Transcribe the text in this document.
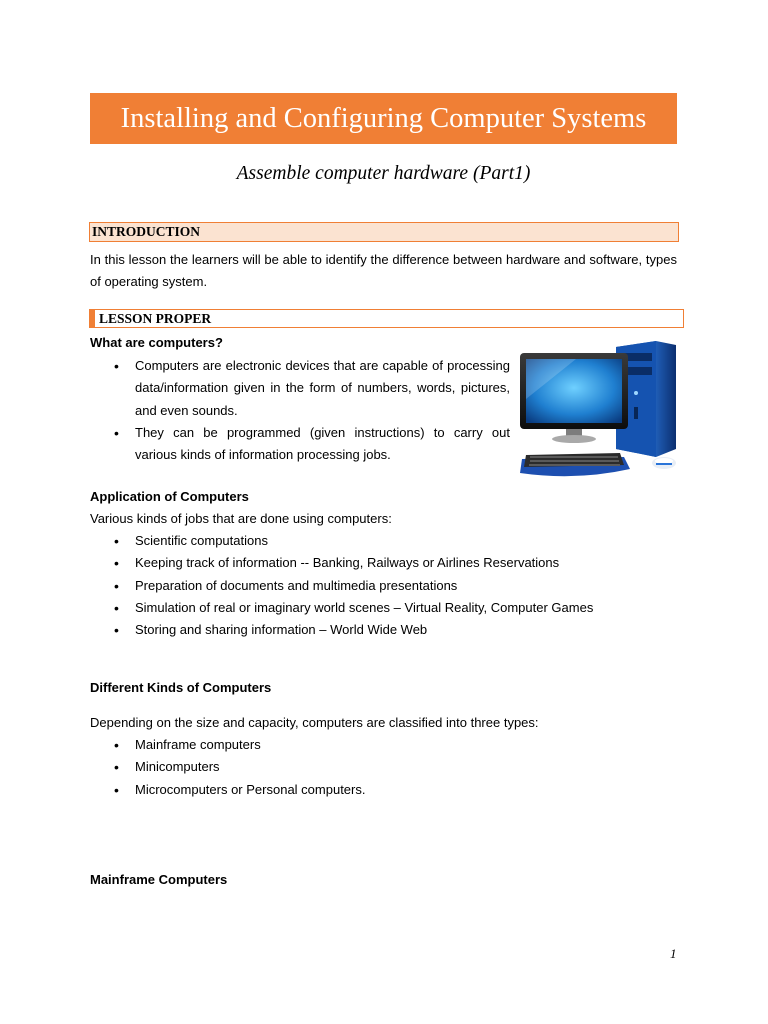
Installing and Configuring Computer Systems
Assemble computer hardware (Part1)
INTRODUCTION
In this lesson the learners will be able to identify the difference between hardware and software, types of operating system.
LESSON PROPER
What are computers?
• Computers are electronic devices that are capable of processing data/information given in the form of numbers, words, pictures, and even sounds.
• They can be programmed (given instructions) to carry out various kinds of information processing jobs.
Application of Computers
Various kinds of jobs that are done using computers:
• Scientific computations
• Keeping track of information -- Banking, Railways or Airlines Reservations
• Preparation of documents and multimedia presentations
• Simulation of real or imaginary world scenes – Virtual Reality, Computer Games
• Storing and sharing information – World Wide Web
Different Kinds of Computers
Depending on the size and capacity, computers are classified into three types:
• Mainframe computers
• Minicomputers
• Microcomputers or Personal computers.
Mainframe Computers
1
